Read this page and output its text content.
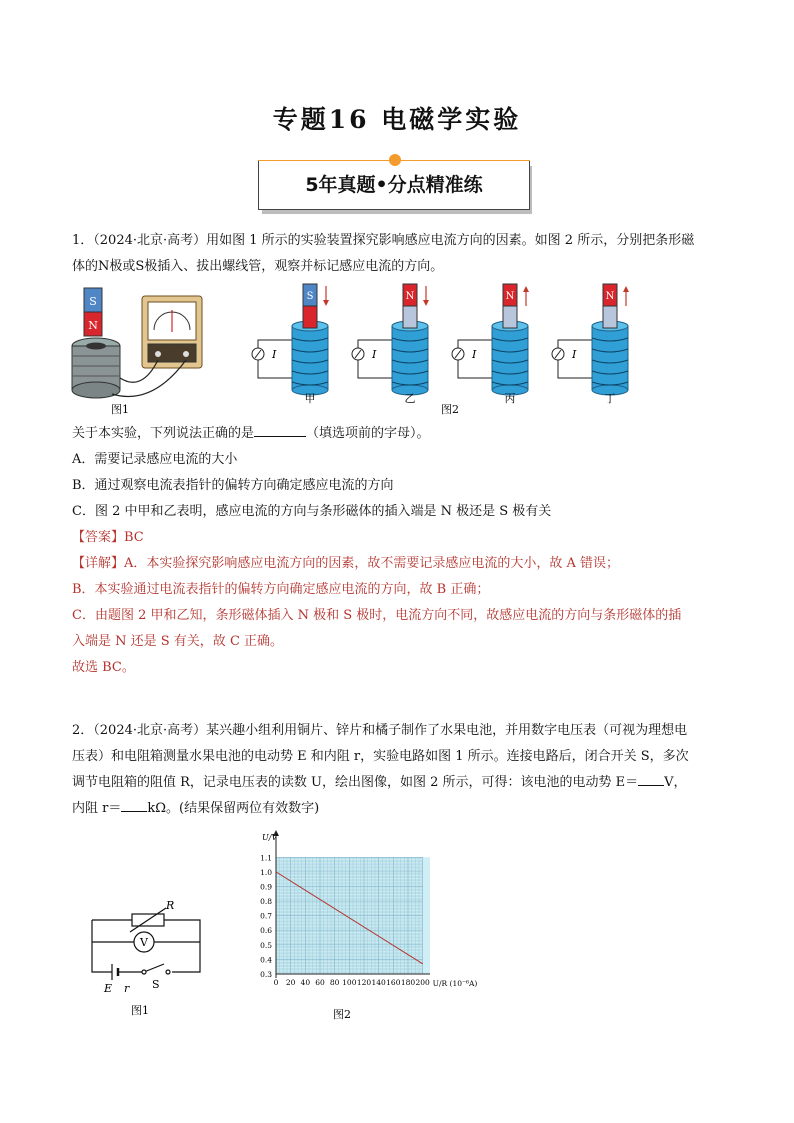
专题16 电磁学实验
5年真题•分点精准练
1．（2024·北京·高考）用如图 1 所示的实验装置探究影响感应电流方向的因素。如图 2 所示，分别把条形磁
体的N极或S极插入、拔出螺线管，观察并标记感应电流的方向。
S
N
图1
I
S
甲
I
N
乙
I
N
丙
I
N
丁
图2
关于本实验，下列说法正确的是	（填选项前的字母）。
A．需要记录感应电流的大小
B．通过观察电流表指针的偏转方向确定感应电流的方向
C．图 2 中甲和乙表明，感应电流的方向与条形磁体的插入端是 N 极还是 S 极有关
【答案】BC
【详解】A．本实验探究影响感应电流方向的因素，故不需要记录感应电流的大小，故 A 错误；
B．本实验通过电流表指针的偏转方向确定感应电流的方向，故 B 正确；
C．由题图 2 甲和乙知，条形磁体插入 N 极和 S 极时，电流方向不同，故感应电流的方向与条形磁体的插
入端是 N 还是 S 有关，故 C 正确。
故选 BC。
2．（2024·北京·高考）某兴趣小组利用铜片、锌片和橘子制作了水果电池，并用数字电压表（可视为理想电
压表）和电阻箱测量水果电池的电动势 E 和内阻 r，实验电路如图 1 所示。连接电路后，闭合开关 S，多次
调节电阻箱的阻值 R，记录电压表的读数 U，绘出图像，如图 2 所示，可得：该电池的电动势 E＝ V，
内阻 r＝ kΩ。(结果保留两位有效数字)
R
V
E r S
图1
0.3
0.4
0.5
0.6
0.7
0.8
0.9
1.0
1.1
0 20 40 60 80 100 120 140 160 180 200
U/V
U/R (10⁻⁶A)
图2
